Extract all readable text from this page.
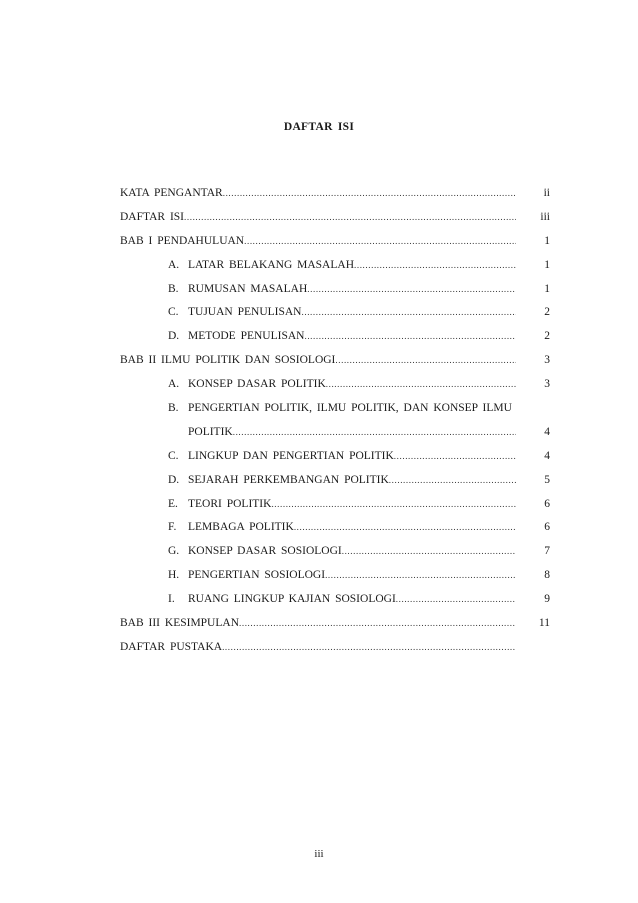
DAFTAR ISI
KATA PENGANTAR .....	ii
DAFTAR ISI .....	iii
BAB I PENDAHULUAN .....	1
A. LATAR BELAKANG MASALAH .....	1
B. RUMUSAN MASALAH .....	1
C. TUJUAN PENULISAN .....	2
D. METODE PENULISAN .....	2
BAB II ILMU POLITIK DAN SOSIOLOGI .....	3
A. KONSEP DASAR POLITIK .....	3
B. PENGERTIAN POLITIK, ILMU POLITIK, DAN KONSEP ILMU
POLITIK .....	4
C. LINGKUP DAN PENGERTIAN POLITIK .....	4
D. SEJARAH PERKEMBANGAN POLITIK .....	5
E. TEORI POLITIK .....	6
F.	LEMBAGA POLITIK .....	6
G. KONSEP DASAR SOSIOLOGI .....	7
H. PENGERTIAN SOSIOLOGI .....	8
I.	RUANG LINGKUP KAJIAN SOSIOLOGI .....	9
BAB III KESIMPULAN .....	11
DAFTAR PUSTAKA
.....
iii
